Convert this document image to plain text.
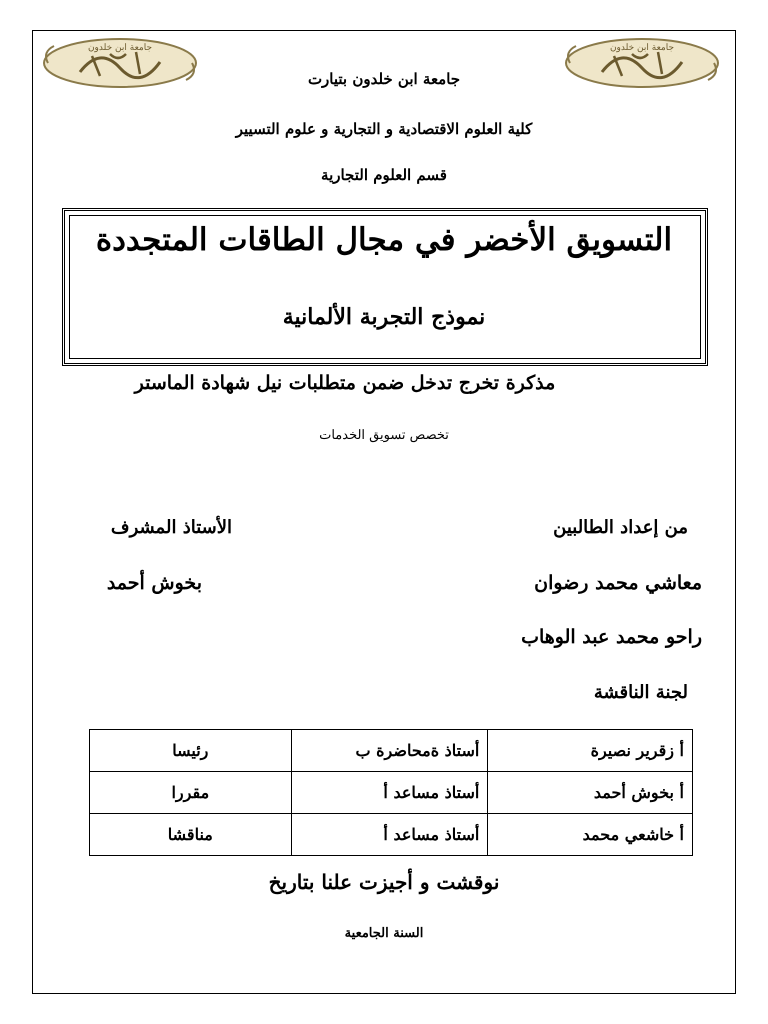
جامعة ابن خلدون	جامعة ابن خلدون
جامعة ابن خلدون بتيارت
كلية العلوم الاقتصادية و التجارية و علوم التسيير
قسم العلوم التجارية
التسويق الأخضر في مجال الطاقات المتجددة
نموذج التجربة الألمانية
مذكرة تخرج تدخل ضمن متطلبات نيل شهادة الماستر
تخصص تسويق الخدمات
من إعداد الطالبين
معاشي محمد رضوان
راحو محمد عبد الوهاب
الأستاذ المشرف
بخوش أحمد
لجنة الناقشة
أ زقرير نصيرة	أستاذ ةمحاضرة ب	رئيسا
أ بخوش أحمد	أستاذ مساعد أ	مقررا
أ خاشعي محمد	أستاذ مساعد أ	مناقشا
نوقشت و أجيزت علنا بتاريخ
السنة الجامعية
